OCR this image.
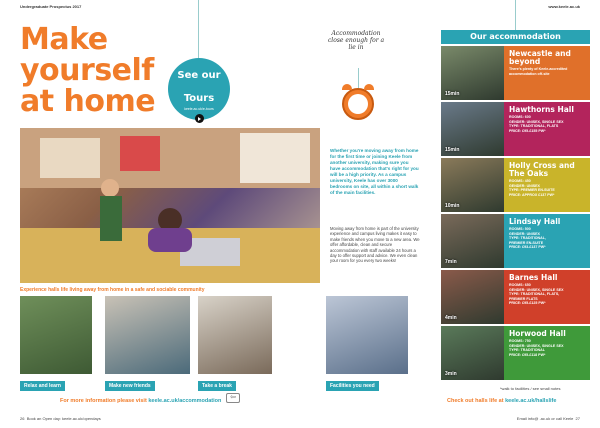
Undergraduate Prospectus 2017	www.keele.ac.uk
Make
yourself
at home
See our
Tours
keele.ac.uk/e-tours
Accommodation close enough for a lie in
Whether you're moving away from home for the first time or joining Keele from another university, making sure you have accommodation that's right for you will be a high priority. As a campus university, Keele has over 3000 bedrooms on site, all within a short walk of the main facilities.
Moving away from home is part of the university experience and campus living makes it easy to make friends when you move to a new area. We offer affordable, clean and secure accommodation with staff available 24 hours a day to offer support and advice. We even clean your room for you every two weeks!
Experience halls life living away from home in a safe and sociable community
Relax and learn	Make new friends	Take a break	Facilities you need
Our accommodation
15min
Newcastle and beyond
There's plenty of Keele-accredited accommodation off-site
15min
Hawthorns Hall
ROOMS: 600
GENDER: UNISEX, SINGLE SEX
TYPE: TRADITIONAL, FLATS
PRICE: £95-£155 PW*
10min
Holly Cross and The Oaks
ROOMS: 450
GENDER: UNISEX
TYPE: PREMIER EN-SUITE
PRICE: APPROX £137 PW*
7min
Lindsay Hall
ROOMS: 500
GENDER: UNISEX
TYPE: TRADITIONAL,
PREMIER EN-SUITE
PRICE: £93-£137 PW*
4min
Barnes Hall
ROOMS: 650
GENDER: UNISEX, SINGLE SEX
TYPE: TRADITIONAL, FLATS,
PREMIER FLATS
PRICE: £95-£125 PW*
3min
Horwood Hall
ROOMS: 750
GENDER: UNISEX, SINGLE SEX
TYPE: TRADITIONAL
PRICE: £95-£118 PW*
*walk to facilities / see small notes
For more information please visit keele.ac.uk/accommodation	⇦	Check out halls life at keele.ac.uk/hallslife
26 Book an Open day: keele.ac.uk/opendays	Email info@ .ac.uk or call Keele 27
